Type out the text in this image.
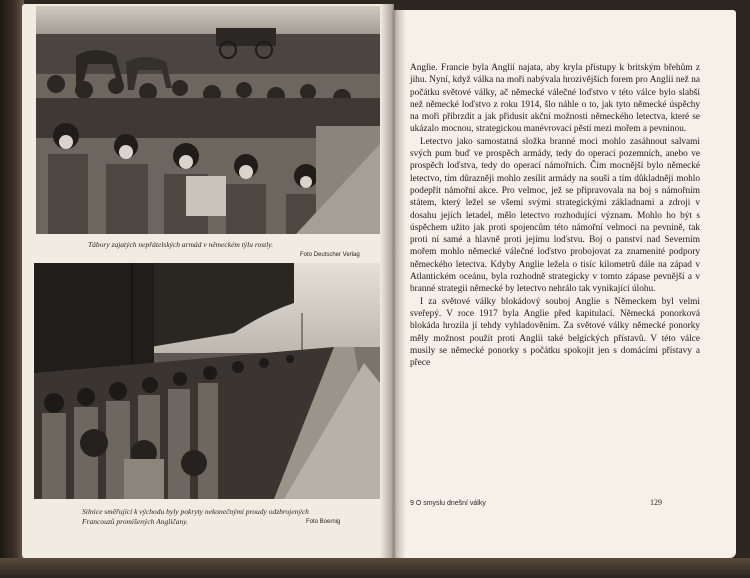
Tábory zajatých nepřátelských armád v německém týlu rostly.
Foto Deutscher Verlag
Silnice směřující k východu byly pokryty nekonečnými proudy odzbrojených
Francouzů promíšených Angličany.	Foto Boernig

Anglie. Francie byla Anglií najata, aby kryla přístupy k britským břehům z jihu. Nyní, když válka na moři nabývala hrozivějších forem pro Anglii než na počátku světové války, ač německé válečné loďstvo v této válce bylo slabší než německé loďstvo z roku 1914, šlo náhle o to, jak tyto německé úspěchy na moři přibrzdit a jak přidusit akční možnosti německého letectva, které se ukázalo mocnou, strategickou manévrovací pěstí mezi mořem a pevninou.

Letectvo jako samostatná složka branné moci mohlo zasáhnout salvami svých pum buď ve prospěch armády, tedy do operací pozemních, anebo ve prospěch loďstva, tedy do operací námořních. Čím mocnější bylo německé letectvo, tím důrazněji mohlo zesílit armády na souši a tím důkladněji mohlo podepřít námořní akce. Pro velmoc, jež se připravovala na boj s námořním státem, který ležel se všemi svými strategickými základnami a zdroji v dosahu jejích letadel, mělo letectvo rozhodující význam. Mohlo ho být s úspěchem užito jak proti spojencům této námořní velmoci na pevnině, tak proti ní samé a hlavně proti jejímu loďstvu. Boj o panství nad Severním mořem mohlo německé válečné loďstvo probojovat za znamenité podpory německého letectva. Kdyby Anglie ležela o tisíc kilometrů dále na západ v Atlantickém oceánu, byla rozhodně strategicky v tomto zápase pevnější a v branné strategii německé by letectvo nehrálo tak vynikající úlohu.

I za světové války blokádový souboj Anglie s Německem byl velmi sveřepý. V roce 1917 byla Anglie před kapitulací. Německá ponorková blokáda hrozila jí tehdy vyhladověním. Za světové války německé ponorky měly možnost použít proti Anglii také belgických přístavů. V této válce musily se německé ponorky s počátku spokojit jen s domácími přístavy a přece

9 O smyslu dnešní války	129
